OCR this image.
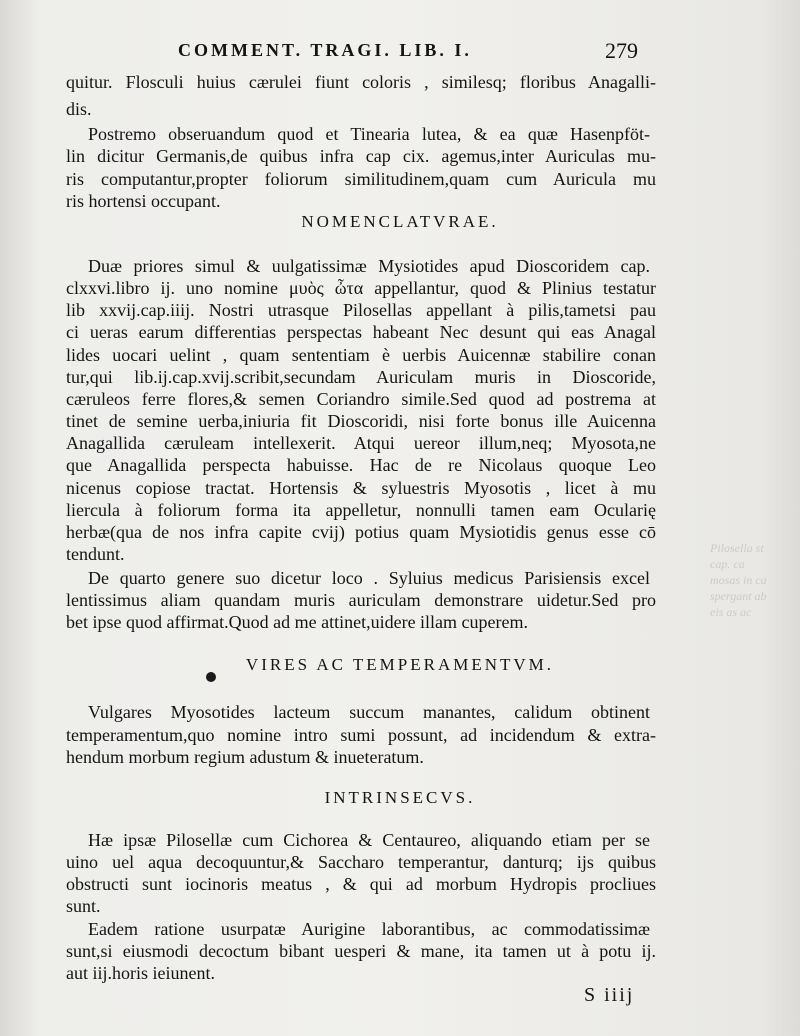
Pilosella st
cap. ca
mosas in ca
spergant ab
eis as ac
COMMENT. TRAGI. LIB. I.	279
quitur. Flosculi huius cærulei fiunt coloris , similesq; floribus Anagalli-
dis.
Postremo obseruandum quod et Tinearia lutea, & ea quæ Hasenpföt-
lin dicitur Germanis,de quibus infra cap cix. agemus,inter Auriculas mu-
ris computantur,propter foliorum similitudinem,quam cum Auricula mu
ris hortensi occupant.
NOMENCLATVRAE.
Duæ priores simul & uulgatissimæ Mysiotides apud Dioscoridem cap.
clxxvi.libro ij. uno nomine μυὸς ὦτα appellantur, quod & Plinius testatur
lib xxvij.cap.iiij. Nostri utrasque Pilosellas appellant à pilis,tametsi pau
ci ueras earum differentias perspectas habeant Nec desunt qui eas Anagal
lides uocari uelint , quam sententiam è uerbis Auicennæ stabilire conan
tur,qui lib.ij.cap.xvij.scribit,secundam Auriculam muris in Dioscoride,
cæruleos ferre flores,& semen Coriandro simile.Sed quod ad postrema at
tinet de semine uerba,iniuria fit Dioscoridi, nisi forte bonus ille Auicenna
Anagallida cæruleam intellexerit. Atqui uereor illum,neq; Myosota,ne
que Anagallida perspecta habuisse. Hac de re Nicolaus quoque Leo
nicenus copiose tractat. Hortensis & syluestris Myosotis , licet à mu
liercula à foliorum forma ita appelletur, nonnulli tamen eam Ocularię
herbæ(qua de nos infra capite cvij) potius quam Mysiotidis genus esse cō
tendunt.
De quarto genere suo dicetur loco . Syluius medicus Parisiensis excel
lentissimus aliam quandam muris auriculam demonstrare uidetur.Sed pro
bet ipse quod affirmat.Quod ad me attinet,uidere illam cuperem.
VIRES AC TEMPERAMENTVM.
Vulgares Myosotides lacteum succum manantes, calidum obtinent
temperamentum,quo nomine intro sumi possunt, ad incidendum & extra-
hendum morbum regium adustum & inueteratum.
INTRINSECVS.
Hæ ipsæ Pilosellæ cum Cichorea & Centaureo, aliquando etiam per se
uino uel aqua decoquuntur,& Saccharo temperantur, danturq; ijs quibus
obstructi sunt iocinoris meatus , & qui ad morbum Hydropis procliues
sunt.
Eadem ratione usurpatæ Aurigine laborantibus, ac commodatissimæ
sunt,si eiusmodi decoctum bibant uesperi & mane, ita tamen ut à potu ij.
aut iij.horis ieiunent.
S iiij
